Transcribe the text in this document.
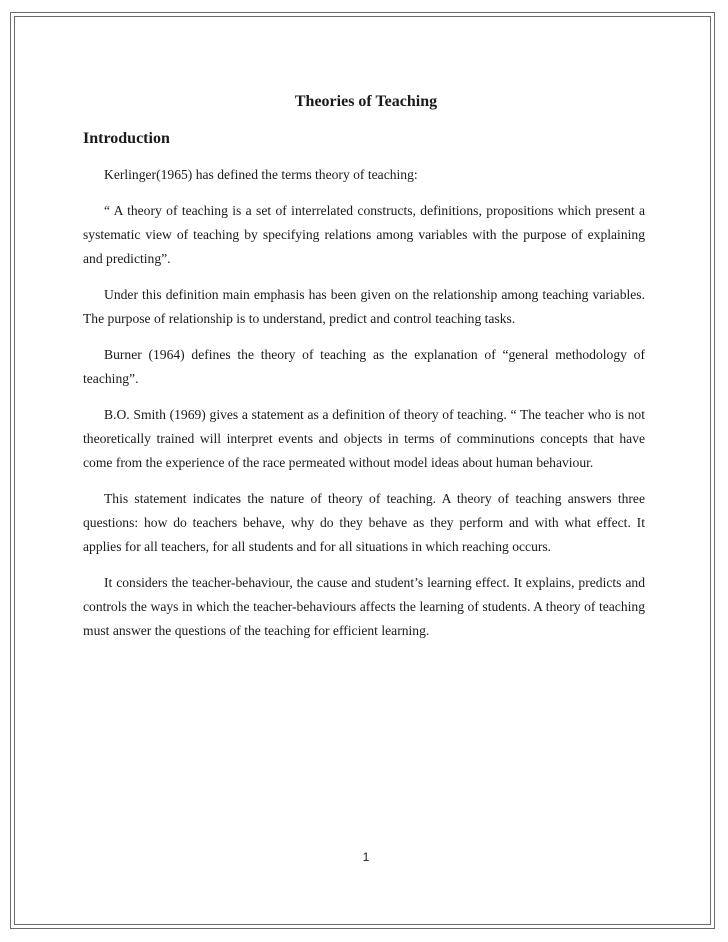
Theories of Teaching
Introduction

Kerlinger(1965) has defined the terms theory of teaching:

“ A theory of teaching is a set of interrelated constructs, definitions, propositions which present a systematic view of teaching by specifying relations among variables with the purpose of explaining and predicting”.

Under this definition main emphasis has been given on the relationship among teaching variables. The purpose of relationship is to understand, predict and control teaching tasks.

Burner (1964) defines the theory of teaching as the explanation of “general methodology of teaching”.

B.O. Smith (1969) gives a statement as a definition of theory of teaching. “ The teacher who is not theoretically trained will interpret events and objects in terms of comminutions concepts that have come from the experience of the race permeated without model ideas about human behaviour.

This statement indicates the nature of theory of teaching. A theory of teaching answers three questions: how do teachers behave, why do they behave as they perform and with what effect. It applies for all teachers, for all students and for all situations in which reaching occurs.

It considers the teacher-behaviour, the cause and student’s learning effect. It explains, predicts and controls the ways in which the teacher-behaviours affects the learning of students. A theory of teaching must answer the questions of the teaching for efficient learning.

1
